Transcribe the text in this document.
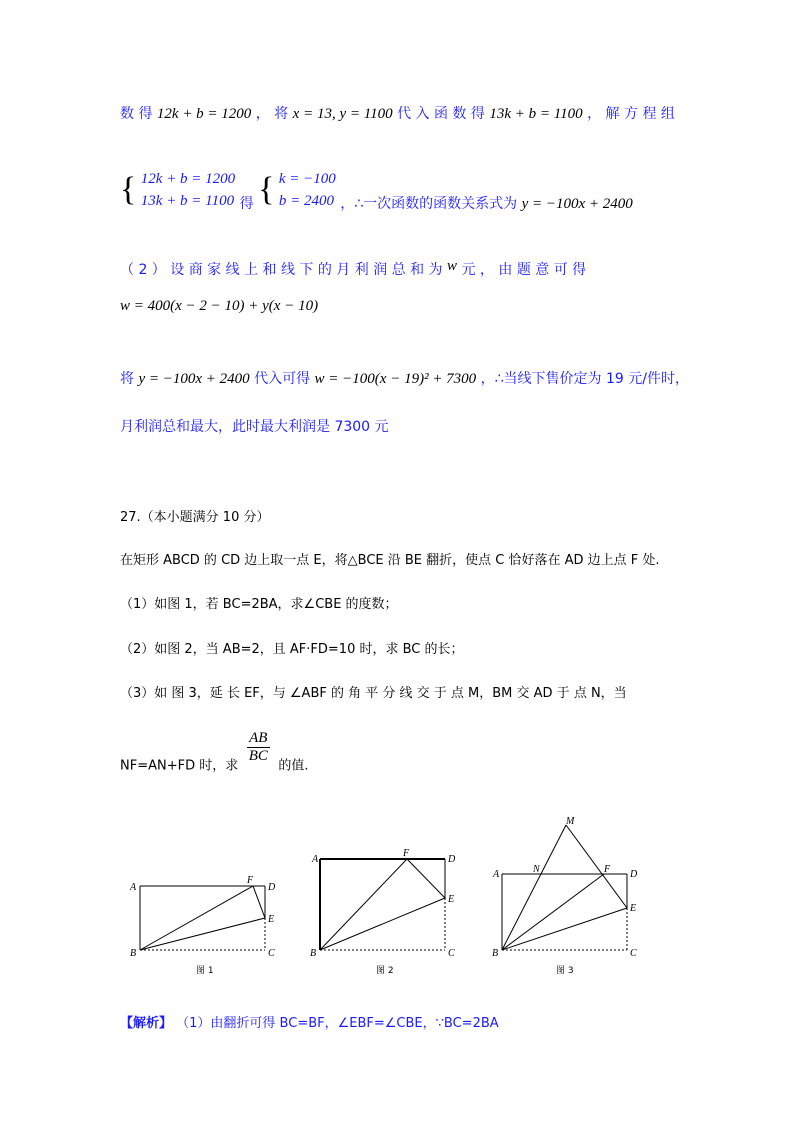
数 得 12k + b = 1200 ， 将 x = 13, y = 1100 代 入 函 数 得 13k + b = 1100 ， 解 方 程 组
{ 12k + b = 1200
13k + b = 1100 得 { k = −100
b = 2400 ，∴一次函数的函数关系式为 y = −100x + 2400
（ 2 ） 设 商 家 线 上 和 线 下 的 月 利 润 总 和 为 w 元 ， 由 题 意 可 得
w = 400(x − 2 − 10) + y(x − 10)
将 y = −100x + 2400 代入可得 w = −100(x − 19)² + 7300 ，∴当线下售价定为 19 元/件时，
月利润总和最大，此时最大利润是 7300 元
27.（本小题满分 10 分）
在矩形 ABCD 的 CD 边上取一点 E，将△BCE 沿 BE 翻折，使点 C 恰好落在 AD 边上点 F 处.
（1）如图 1，若 BC=2BA，求∠CBE 的度数；
（2）如图 2，当 AB=2，且 AF·FD=10 时，求 BC 的长；
（3）如 图 3，延 长 EF，与 ∠ABF 的 角 平 分 线 交 于 点 M，BM 交 AD 于 点 N，当
NF=AN+FD 时，求
$\frac{AB}{BC}$
的值.
A
B	C
D
E
F
图 1
A
B	C
D
E
F
图 2
A
B	C
D
E
F
M
N
图 3
【解析】 （1）由翻折可得 BC=BF，∠EBF=∠CBE，∵BC=2BA
